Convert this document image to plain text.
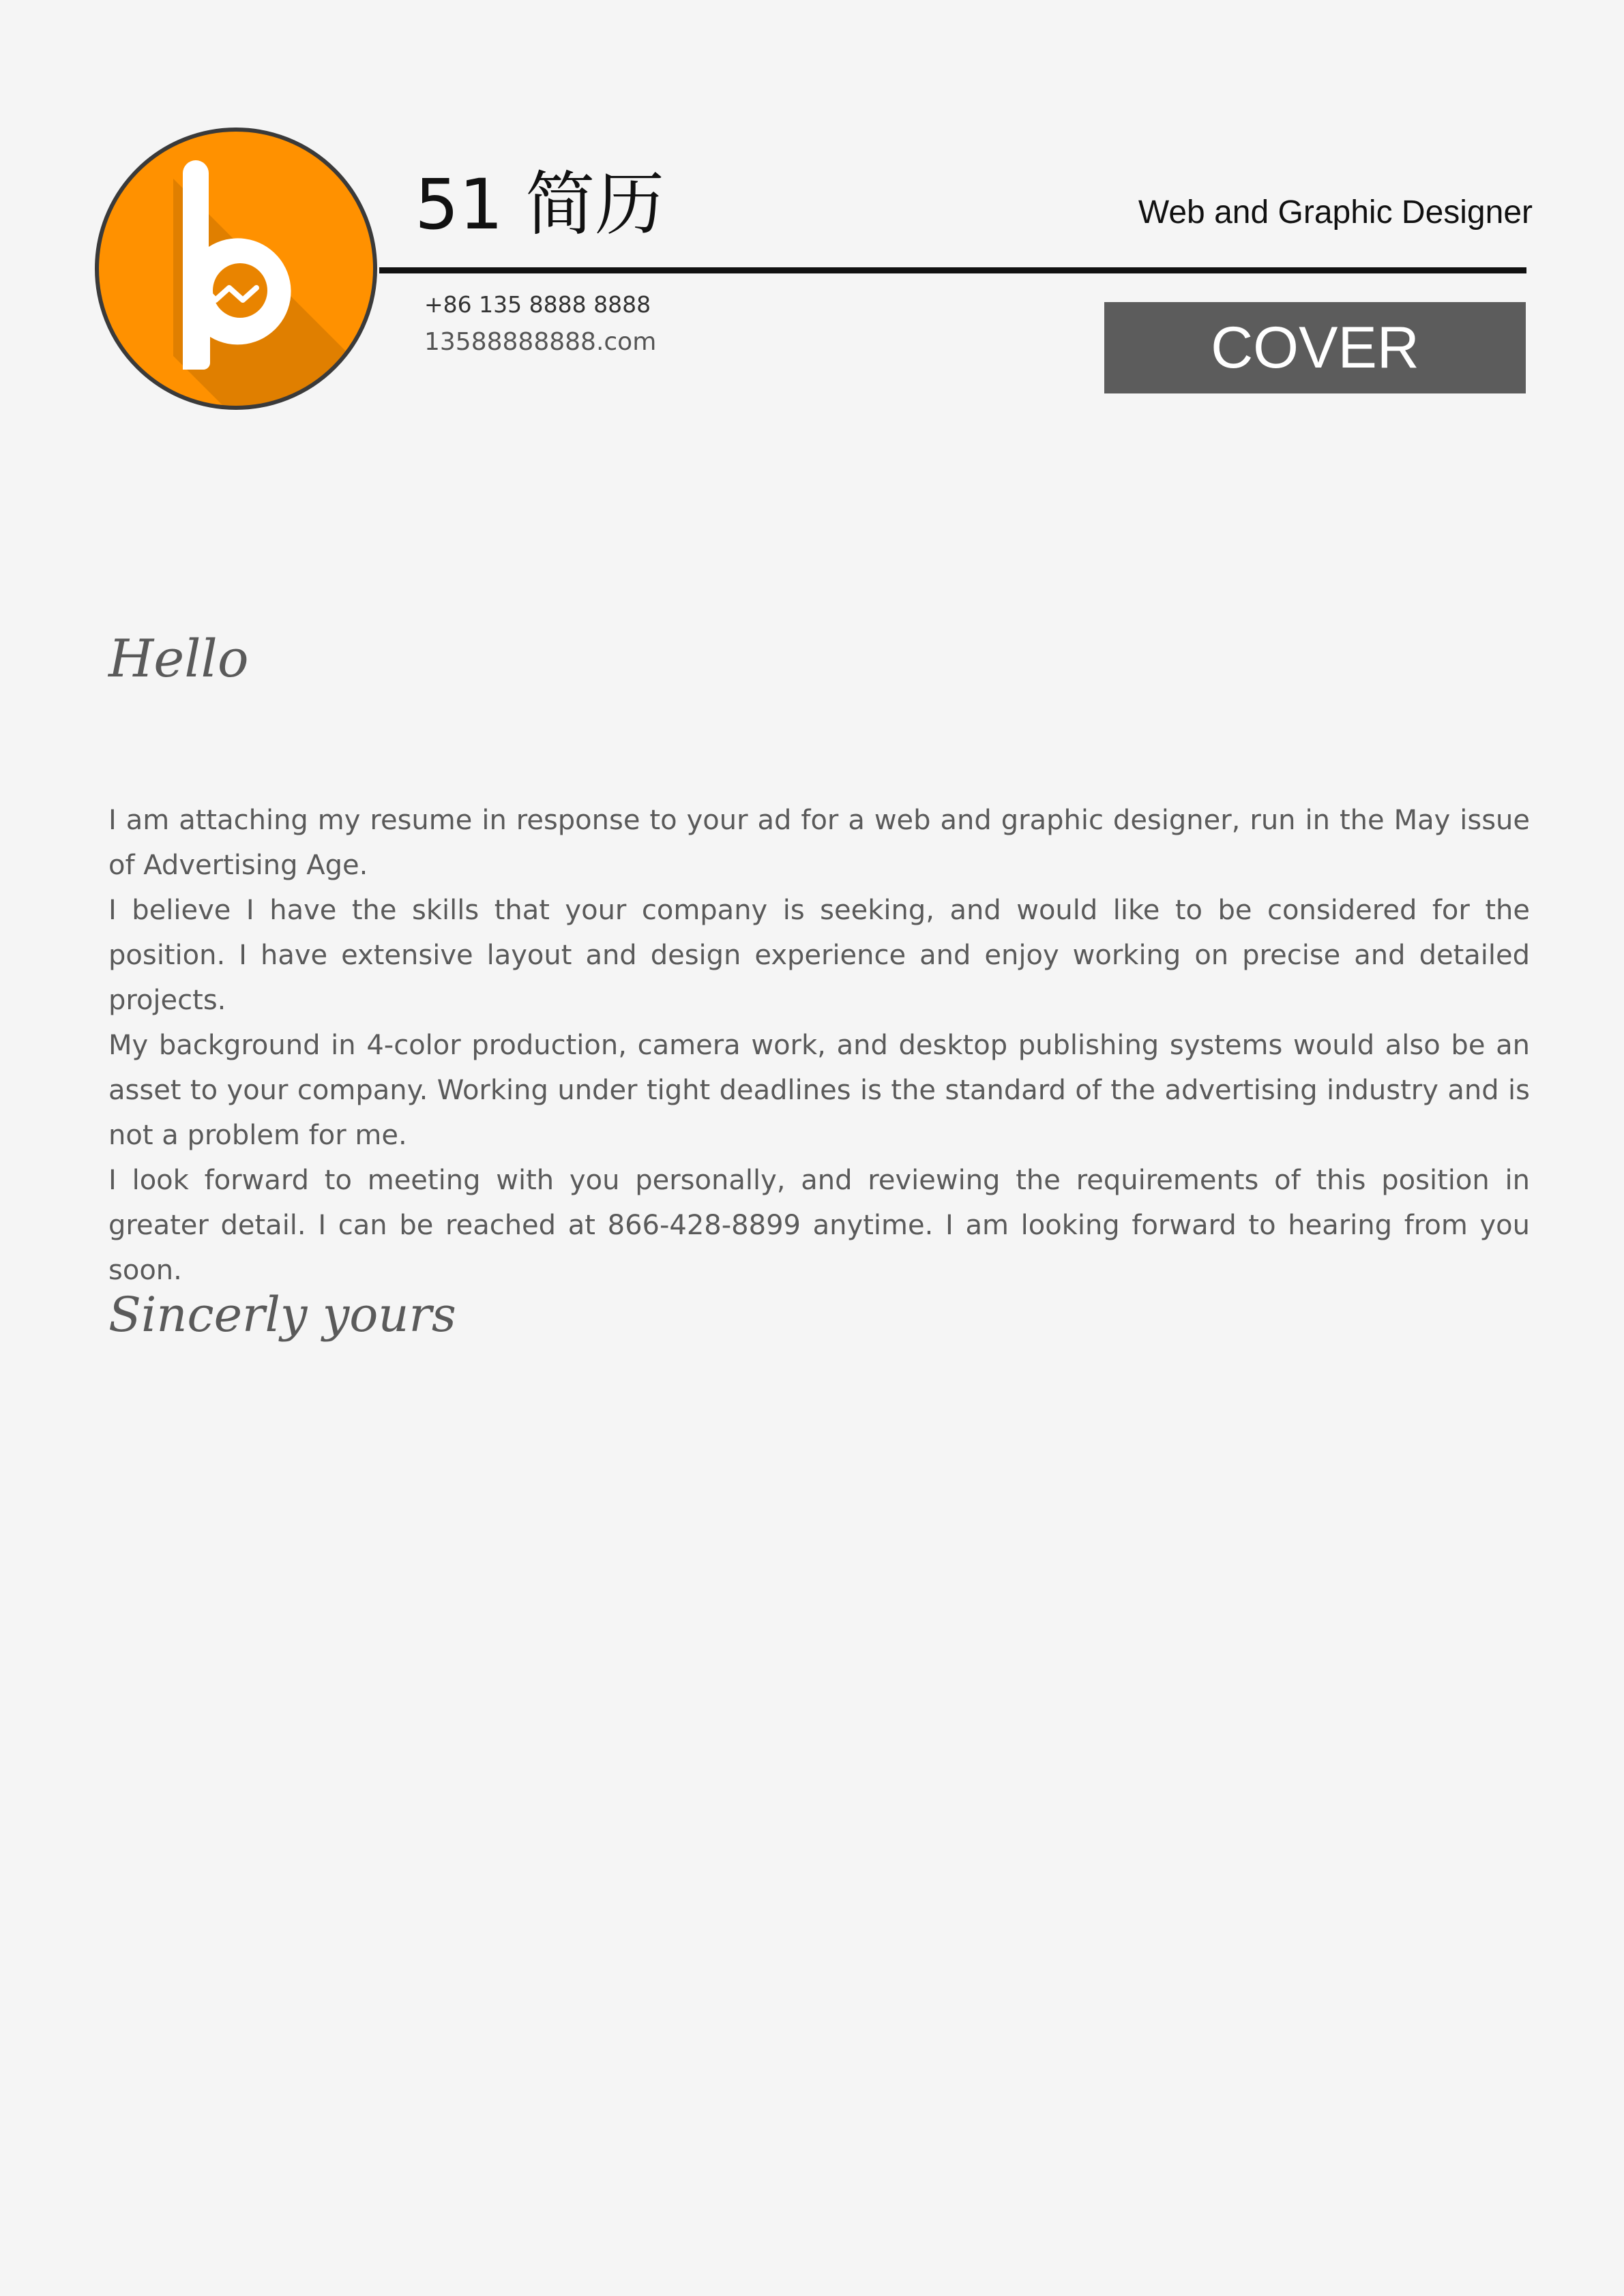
51 简历	Web and Graphic Designer
+86 135 8888 8888
13588888888.com	COVER
Hello

I am attaching my resume in response to your ad for a web and graphic designer, run in the May issue of Advertising Age.

I believe I have the skills that your company is seeking, and would like to be considered for the position. I have extensive layout and design experience and enjoy working on precise and detailed projects.

My background in 4-color production, camera work, and desktop publishing systems would also be an asset to your company. Working under tight deadlines is the standard of the advertising industry and is not a problem for me.

I look forward to meeting with you personally, and reviewing the requirements of this position in greater detail. I can be reached at 866-428-8899 anytime. I am looking forward to hearing from you soon.

Sincerly yours
